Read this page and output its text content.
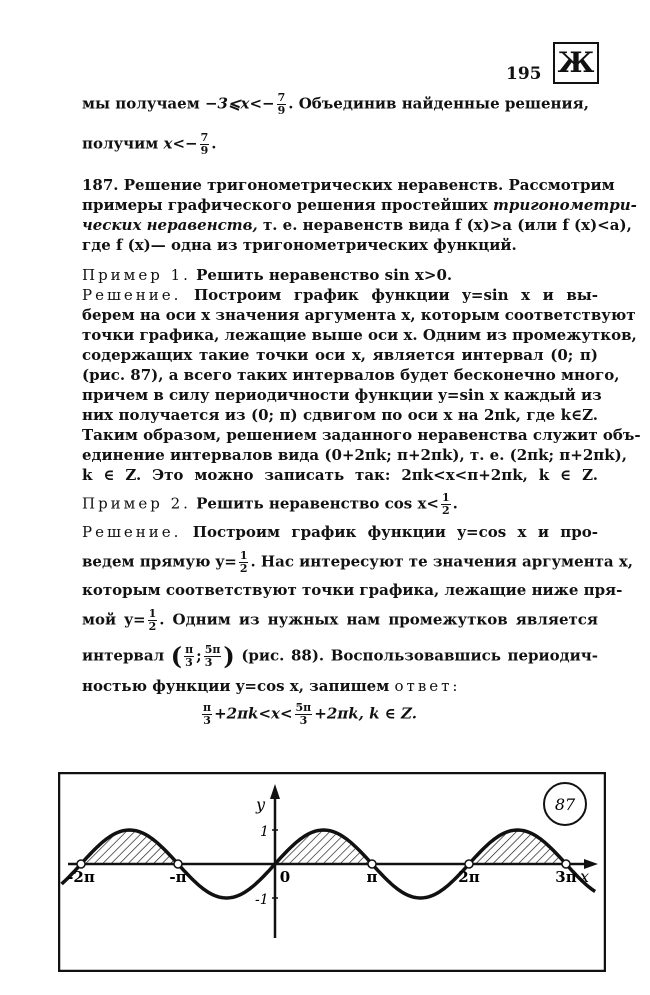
195 Ж
мы получаем −3⩽x<− $\frac{7}{9}$ . Объединив найденные решения,
получим $x<- \frac{7}{9}$ .
187. Решение тригонометрических неравенств. Рассмотрим
примеры графического решения простейших тригонометри-
ческих неравенств, т. е. неравенств вида f (x)>a (или f (x)<a),
где f (x)— одна из тригонометрических функций.
Пример 1. Решить неравенство sin x>0.
Решение. Построим график функции y=sin x и вы-
берем на оси x значения аргумента x, которым соответствуют
точки графика, лежащие выше оси x. Одним из промежутков,
содержащих такие точки оси x, является интервал (0; π)
(рис. 87), а всего таких интервалов будет бесконечно много,
причем в силу периодичности функции y=sin x каждый из
них получается из (0; π) сдвигом по оси x на 2πk, где k∈Z.
Таким образом, решением заданного неравенства служит объ-
единение интервалов вида (0+2πk; π+2πk), т. е. (2πk; π+2πk),
k ∈ Z. Это можно записать так: 2πk<x<π+2πk, k ∈ Z.
Пример 2. Решить неравенство $\cos x< \frac{1}{2}$ .
Решение. Построим график функции y=cos x и про-
ведем прямую $y= \frac{1}{2}$ . Нас интересуют те значения аргумента x,
которым соответствуют точки графика, лежащие ниже пря-
мой $y= \frac{1}{2}$ . Одним из нужных нам промежутков является
интервал ( $\frac{\pi}{3}$ ; $\frac{5\pi}{3}$ ) (рис. 88). Воспользовавшись периодич-
ностью функции y=cos x, запишем ответ:
$\frac{\pi}{3} +2\pi k<x< \frac{5\pi}{3} +2\pi k$, k ∈ Z.
y
x
1
-1
-2π	-π	0	π	2π	3π
87
